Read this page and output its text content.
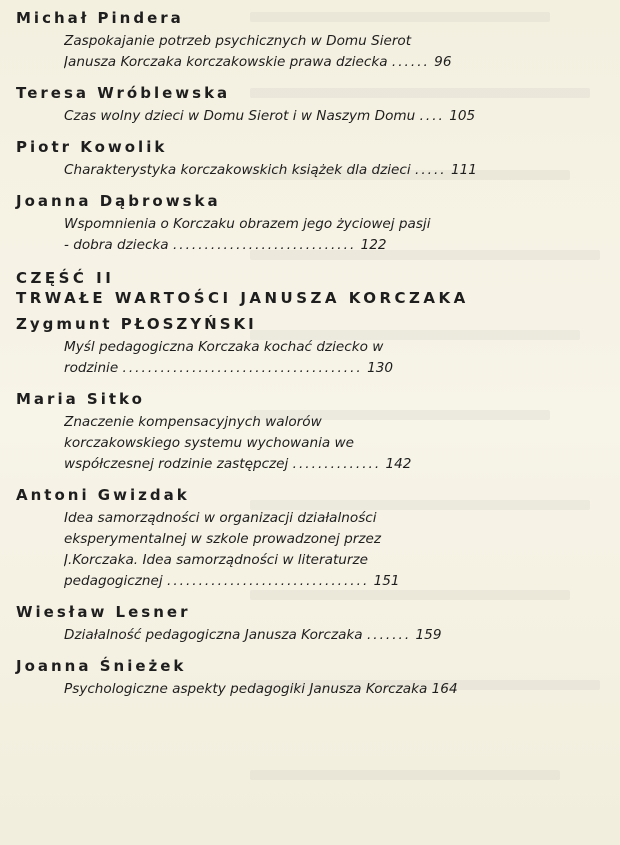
Michał Pindera
Zaspokajanie potrzeb psychicznych w Domu Sierot
Janusza Korczaka korczakowskie prawa dziecka ...... 96
Teresa Wróblewska
Czas wolny dzieci w Domu Sierot i w Naszym Domu .... 105
Piotr Kowolik
Charakterystyka korczakowskich książek dla dzieci ..... 111
Joanna Dąbrowska
Wspomnienia o Korczaku obrazem jego życiowej pasji
- dobra dziecka ............................. 122
CZĘŚĆ II
TRWAŁE WARTOŚCI JANUSZA KORCZAKA
Zygmunt PŁOSZYŃSKI
Myśl pedagogiczna Korczaka kochać dziecko w
rodzinie ...................................... 130
Maria Sitko
Znaczenie kompensacyjnych walorów
korczakowskiego systemu wychowania we
współczesnej rodzinie zastępczej .............. 142
Antoni Gwizdak
Idea samorządności w organizacji działalności
eksperymentalnej w szkole prowadzonej przez
J.Korczaka. Idea samorządności w literaturze
pedagogicznej ................................ 151
Wiesław Lesner
Działalność pedagogiczna Janusza Korczaka ....... 159
Joanna Śnieżek
Psychologiczne aspekty pedagogiki Janusza Korczaka 164
